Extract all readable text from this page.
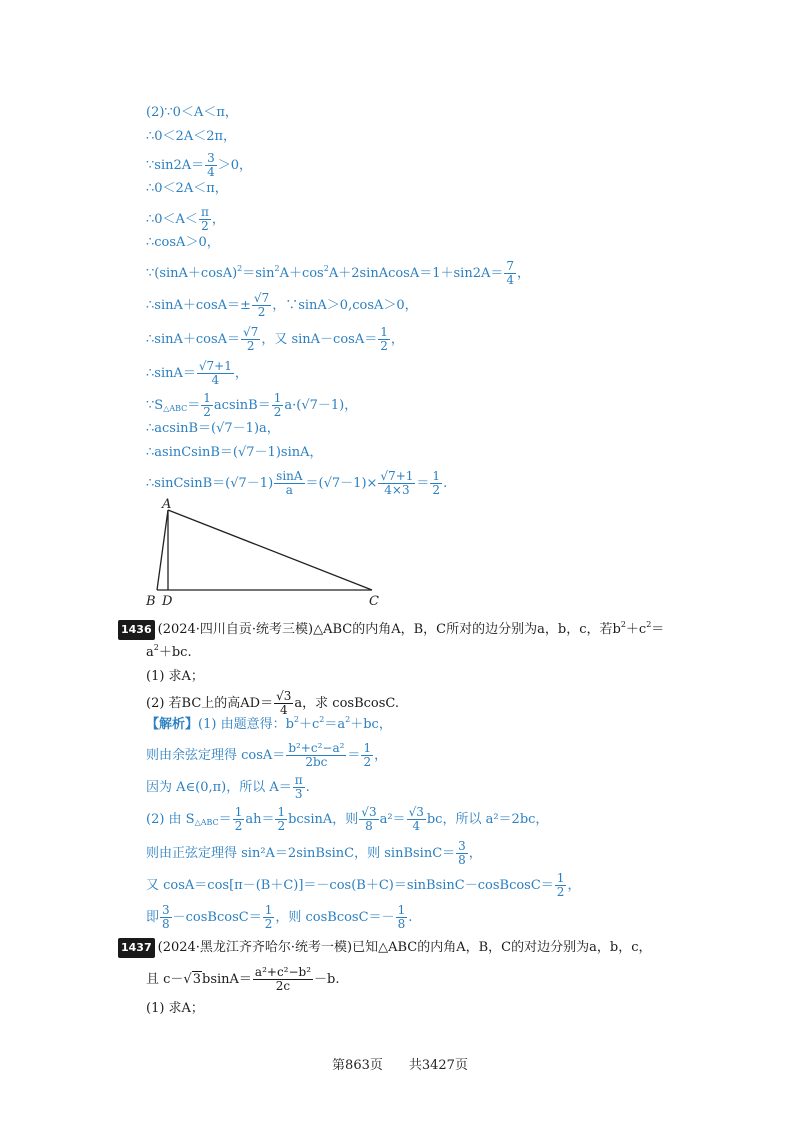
(2)∵0＜A＜π，
∴0＜2A＜2π，
∵sin2A＝ $\frac{3}{4} >0$，
∴0＜2A＜π，
∴0＜A＜ $\frac{\pi}{2}$ ，
∴cosA＞0，
$\because(\sin A+\cos A)^2=\sin^2A+\cos^2A+2sinAcosA=1+\sin 2A= \frac{7}{4}$ ，
∴sinA＋cosA＝± $\frac{√7}{2}$ ，∵sinA＞0,cosA＞0，
∴sinA＋cosA＝ $\frac{√7}{2}$ ，又 $\sin A-\cos A= \frac{1}{2}$ ，
∴sinA＝ $\frac{√7+1}{4}$ ，
$\because S_{\triangle ABC}= \frac{1}{2} acsinB= \frac{1}{2} a\cdot(√7-1)$，
∴acsinB＝(√7－1)a，
∴asinCsinB＝(√7－1)sinA，
∴sinCsinB＝(√7－1) $\frac{\sin A}{a} =(√7-1)\times \frac{√7+1}{4\times 3} = \frac{1}{2}$ .
A
B D	C
1436 (2024·四川自贡·统考三模)△ABC的内角A，B，C所对的边分别为a，b，c，若$b^2+c^2=$
$a^2+bc$.
(1) 求A；
(2) 若BC上的高$AD= \frac{√3}{4}$ a，求 cosBcosC.
【解析】(1) 由题意得：$b^2+c^2=a^2+bc$，
则由余弦定理得 $\cos A= \frac{\text{b²+c²−a²}}{2bc} = \frac{1}{2}$ ，
因为 A∈(0,π)，所以 $A= \frac{\pi}{3}$ .
(2) 由 $S_{\triangle ABC}= \frac{1}{2} ah= \frac{1}{2}$ bcsinA，则 $\frac{√3}{8} a^2= \frac{√3}{4}$ bc，所以 a²＝2bc，
则由正弦定理得 sin²A＝2sinBsinC，则 sinBsinC＝ $\frac{3}{8}$ ，
又 cosA＝cos[π－(B＋C)]＝－cos(B＋C)＝sinBsinC－cosBcosC＝ $\frac{1}{2}$ ，
即 $\frac{3}{8}$ －cosBcosC＝ $\frac{1}{2}$ ，则 cosBcosC＝－ $\frac{1}{8}$ .
1437 (2024·黑龙江齐齐哈尔·统考一模)已知△ABC的内角A，B，C的对边分别为a，b，c，
且 $c-√3bsinA= \frac{\text{a²+c²−b²}}{2c} -b$.
(1) 求A；
第863页　　共3427页
